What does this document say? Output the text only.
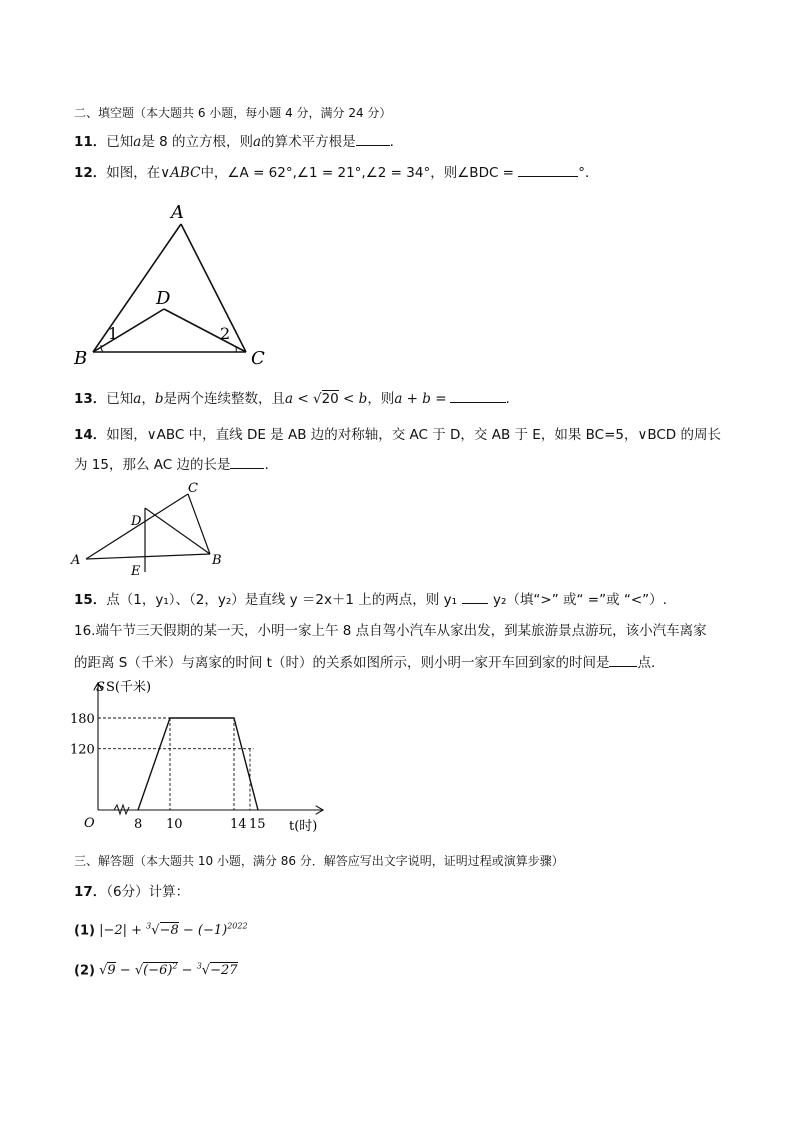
二、填空题（本大题共 6 小题，每小题 4 分，满分 24 分）
11．已知a是 8 的立方根，则a的算术平方根是	.
12．如图，在∨ABC中，∠A = 62°,∠1 = 21°,∠2 = 34°，则∠BDC =	°．
A
B	C
D
1	2
13．已知a，b是两个连续整数，且a < √20 < b，则a + b =	.
14．如图，∨ABC 中，直线 DE 是 AB 边的对称轴，交 AC 于 D，交 AB 于 E，如果 BC=5，∨BCD 的周长
为 15，那么 AC 边的长是	.
C
D
A	B
E
15．点（1，y₁）、（2，y₂）是直线 y ＝2x＋1 上的两点，则 y₁	y₂（填“>” 或“ =”或 “<”）.
16.端午节三天假期的某一天，小明一家上午 8 点自驾小汽车从家出发，到某旅游景点游玩，该小汽车离家
的距离 S（千米）与离家的时间 t（时）的关系如图所示，则小明一家开车回到家的时间是 点.
S S(千米)
t(时)
O	8 10	14 15
180
120
三、解答题（本大题共 10 小题，满分 86 分．解答应写出文字说明，证明过程或演算步骤）
17．（6分）计算：
(1) $|-2| + ^3√-8 - (-1)^{2022}$
(2) $√9 - √(-6)^2 - ^3√-27$
